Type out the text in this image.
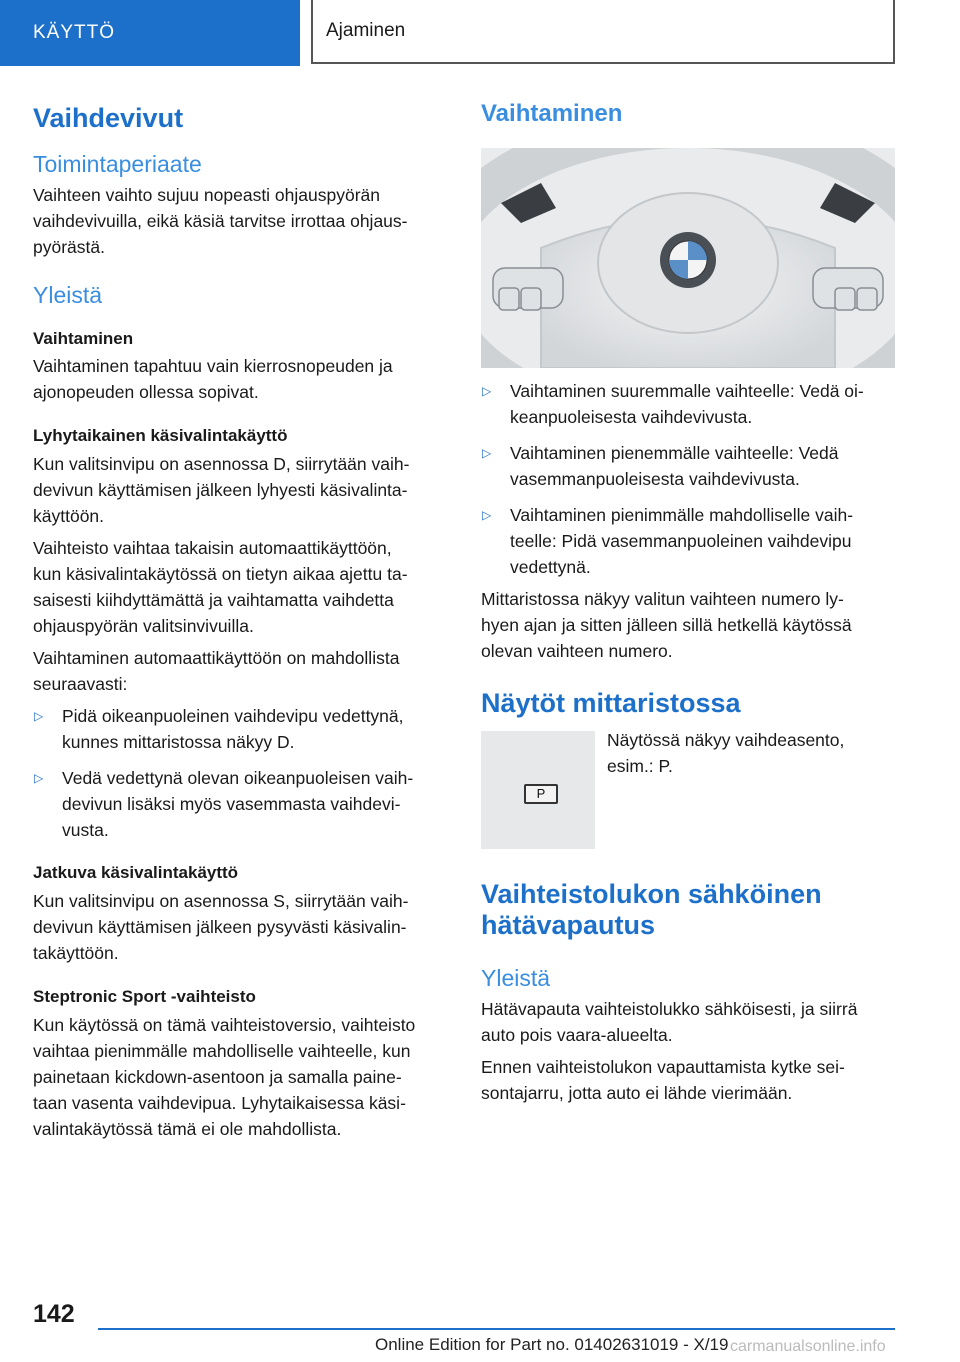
KÄYTTÖ	Ajaminen
Vaihdevivut
Toimintaperiaate

Vaihteen vaihto sujuu nopeasti ohjauspyörän
vaihdevivuilla, eikä käsiä tarvitse irrottaa ohjaus-
pyörästä.

Yleistä
Vaihtaminen

Vaihtaminen tapahtuu vain kierrosnopeuden ja
ajonopeuden ollessa sopivat.

Lyhytaikainen käsivalintakäyttö

Kun valitsinvipu on asennossa D, siirrytään vaih-
devivun käyttämisen jälkeen lyhyesti käsivalinta-
käyttöön.

Vaihteisto vaihtaa takaisin automaattikäyttöön,
kun käsivalintakäytössä on tietyn aikaa ajettu ta-
saisesti kiihdyttämättä ja vaihtamatta vaihdetta
ohjauspyörän valitsinvivuilla.

Vaihtaminen automaattikäyttöön on mahdollista
seuraavasti:

▷	Pidä oikeanpuoleinen vaihdevipu vedettynä,
kunnes mittaristossa näkyy D.
▷	Vedä vedettynä olevan oikeanpuoleisen vaih-
devivun lisäksi myös vasemmasta vaihdevi-
vusta.
Jatkuva käsivalintakäyttö

Kun valitsinvipu on asennossa S, siirrytään vaih-
devivun käyttämisen jälkeen pysyvästi käsivalin-
takäyttöön.

Steptronic Sport -vaihteisto

Kun käytössä on tämä vaihteistoversio, vaihteisto
vaihtaa pienimmälle mahdolliselle vaihteelle, kun
painetaan kickdown-asentoon ja samalla paine-
taan vasenta vaihdevipua. Lyhytaikaisessa käsi-
valintakäytössä tämä ei ole mahdollista.

Vaihtaminen
▷	Vaihtaminen suuremmalle vaihteelle: Vedä oi-
keanpuoleisesta vaihdevivusta.
▷	Vaihtaminen pienemmälle vaihteelle: Vedä
vasemmanpuoleisesta vaihdevivusta.
▷	Vaihtaminen pienimmälle mahdolliselle vaih-
teelle: Pidä vasemmanpuoleinen vaihdevipu
vedettynä.

Mittaristossa näkyy valitun vaihteen numero ly-
hyen ajan ja sitten jälleen sillä hetkellä käytössä
olevan vaihteen numero.

Näytöt mittaristossa
P

Näytössä näkyy vaihdeasento,
esim.: P.

Vaihteistolukon sähköinen
hätävapautus
Yleistä

Hätävapauta vaihteistolukko sähköisesti, ja siirrä
auto pois vaara-alueelta.

Ennen vaihteistolukon vapauttamista kytke sei-
sontajarru, jotta auto ei lähde vierimään.

142
Online Edition for Part no. 01402631019 - X/19 carmanualsonline.info
